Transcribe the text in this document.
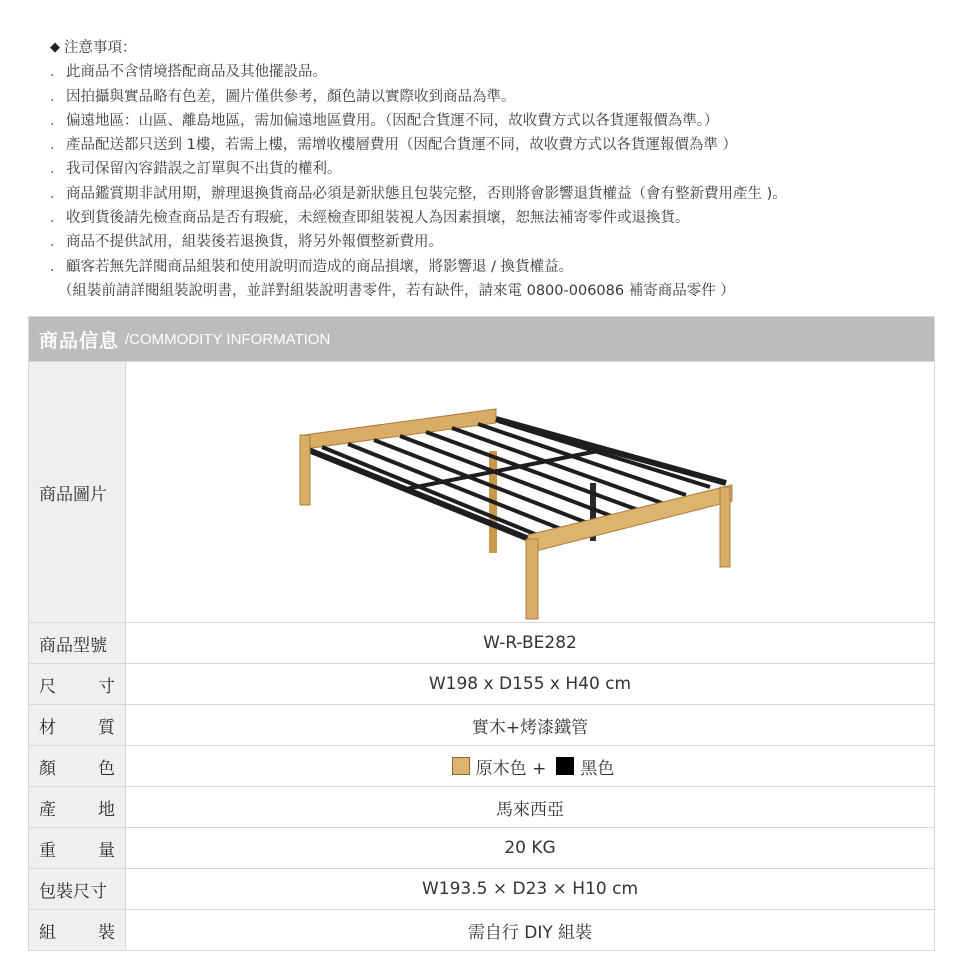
◆ 注意事項：
． 此商品不含情境搭配商品及其他擺設品。
． 因拍攝與實品略有色差，圖片僅供參考，顏色請以實際收到商品為準。
． 偏遠地區：山區、離島地區，需加偏遠地區費用。（因配合貨運不同，故收費方式以各貨運報價為準。）
． 產品配送都只送到 1樓，若需上樓，需增收樓層費用（因配合貨運不同，故收費方式以各貨運報價為準 ）
． 我司保留內容錯誤之訂單與不出貨的權利。
． 商品鑑賞期非試用期，辦理退換貨商品必須是新狀態且包裝完整，否則將會影響退貨權益（會有整新費用產生 )。
． 收到貨後請先檢查商品是否有瑕疵，未經檢查即組裝視人為因素損壞，恕無法補寄零件或退換貨。
． 商品不提供試用，組裝後若退換貨，將另外報價整新費用。
． 顧客若無先詳閱商品組裝和使用說明而造成的商品損壞，將影響退 / 換貨權益。
（組裝前請詳閱組裝說明書，並詳對組裝說明書零件，若有缺件，請來電 0800-006086 補寄商品零件 ）
商品信息 /COMMODITY INFORMATION
商品圖片
商品型號	W-R-BE282
尺 寸	W198 x D155 x H40 cm
材 質	實木+烤漆鐵管
顏 色	原木色 + 黑色
產 地	馬來西亞
重 量	20 KG
包裝尺寸	W193.5 × D23 × H10 cm
組 裝	需自行 DIY 組裝
